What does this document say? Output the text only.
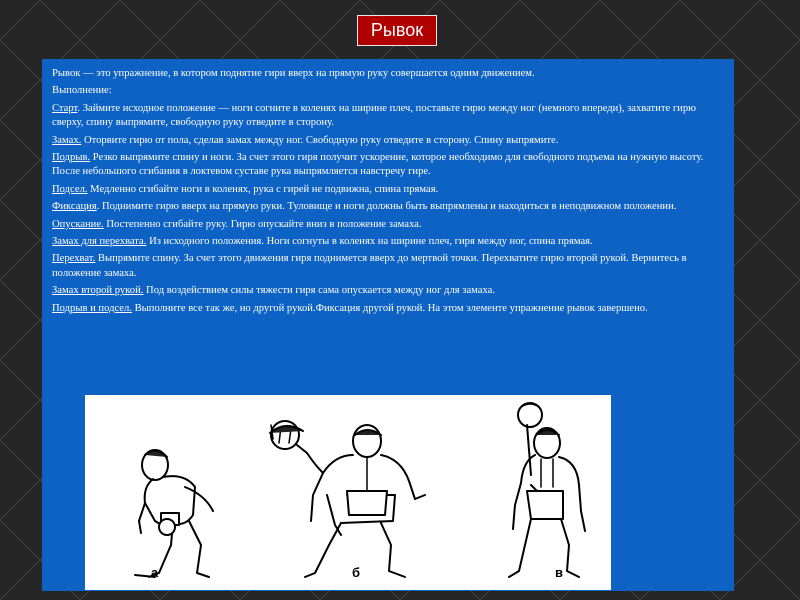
Рывок

Рывок — это упражнение, в котором поднятие гири вверх на прямую руку совершается одним движением.

Выполнение:

Старт. Займите исходное положение — ноги согните в коленях на ширине плеч, поставьте гирю между ног (немного впереди), захватите гирю сверху, спину выпрямите, свободную руку отведите в сторону.

Замах. Оторвите гирю от пола, сделав замах между ног. Свободную руку отведите в сторону. Спину выпрямите.

Подрыв. Резко выпрямите спину и ноги. За счет этого гиря получит ускорение, которое необходимо для свободного подъема на нужную высоту. После небольшого сгибания в локтевом суставе рука выпрямляется навстречу гире.

Подсел. Медленно сгибайте ноги в коленях, рука с гирей не подвижна, спина прямая.

Фиксация. Поднимите гирю вверх на прямую руки. Туловище и ноги должны быть выпрямлены и находиться в неподвижном положении.

Опускание. Постепенно сгибайте руку. Гирю опускайте вниз в положение замаха.

Замах для перехвата. Из исходного положения. Ноги согнуты в коленях на ширине плеч, гиря между ног, спина прямая.

Перехват. Выпрямите спину. За счет этого движения гиря поднимется вверх до мертвой точки. Перехватите гирю второй рукой. Вернитесь в положение замаха.

Замах второй рукой. Под воздействием силы тяжести гиря сама опускается между ног для замаха.

Подрыв и подсел. Выполните все так же, но другой рукой.Фиксация другой рукой. На этом элементе упражнение рывок завершено.

а	б	в
